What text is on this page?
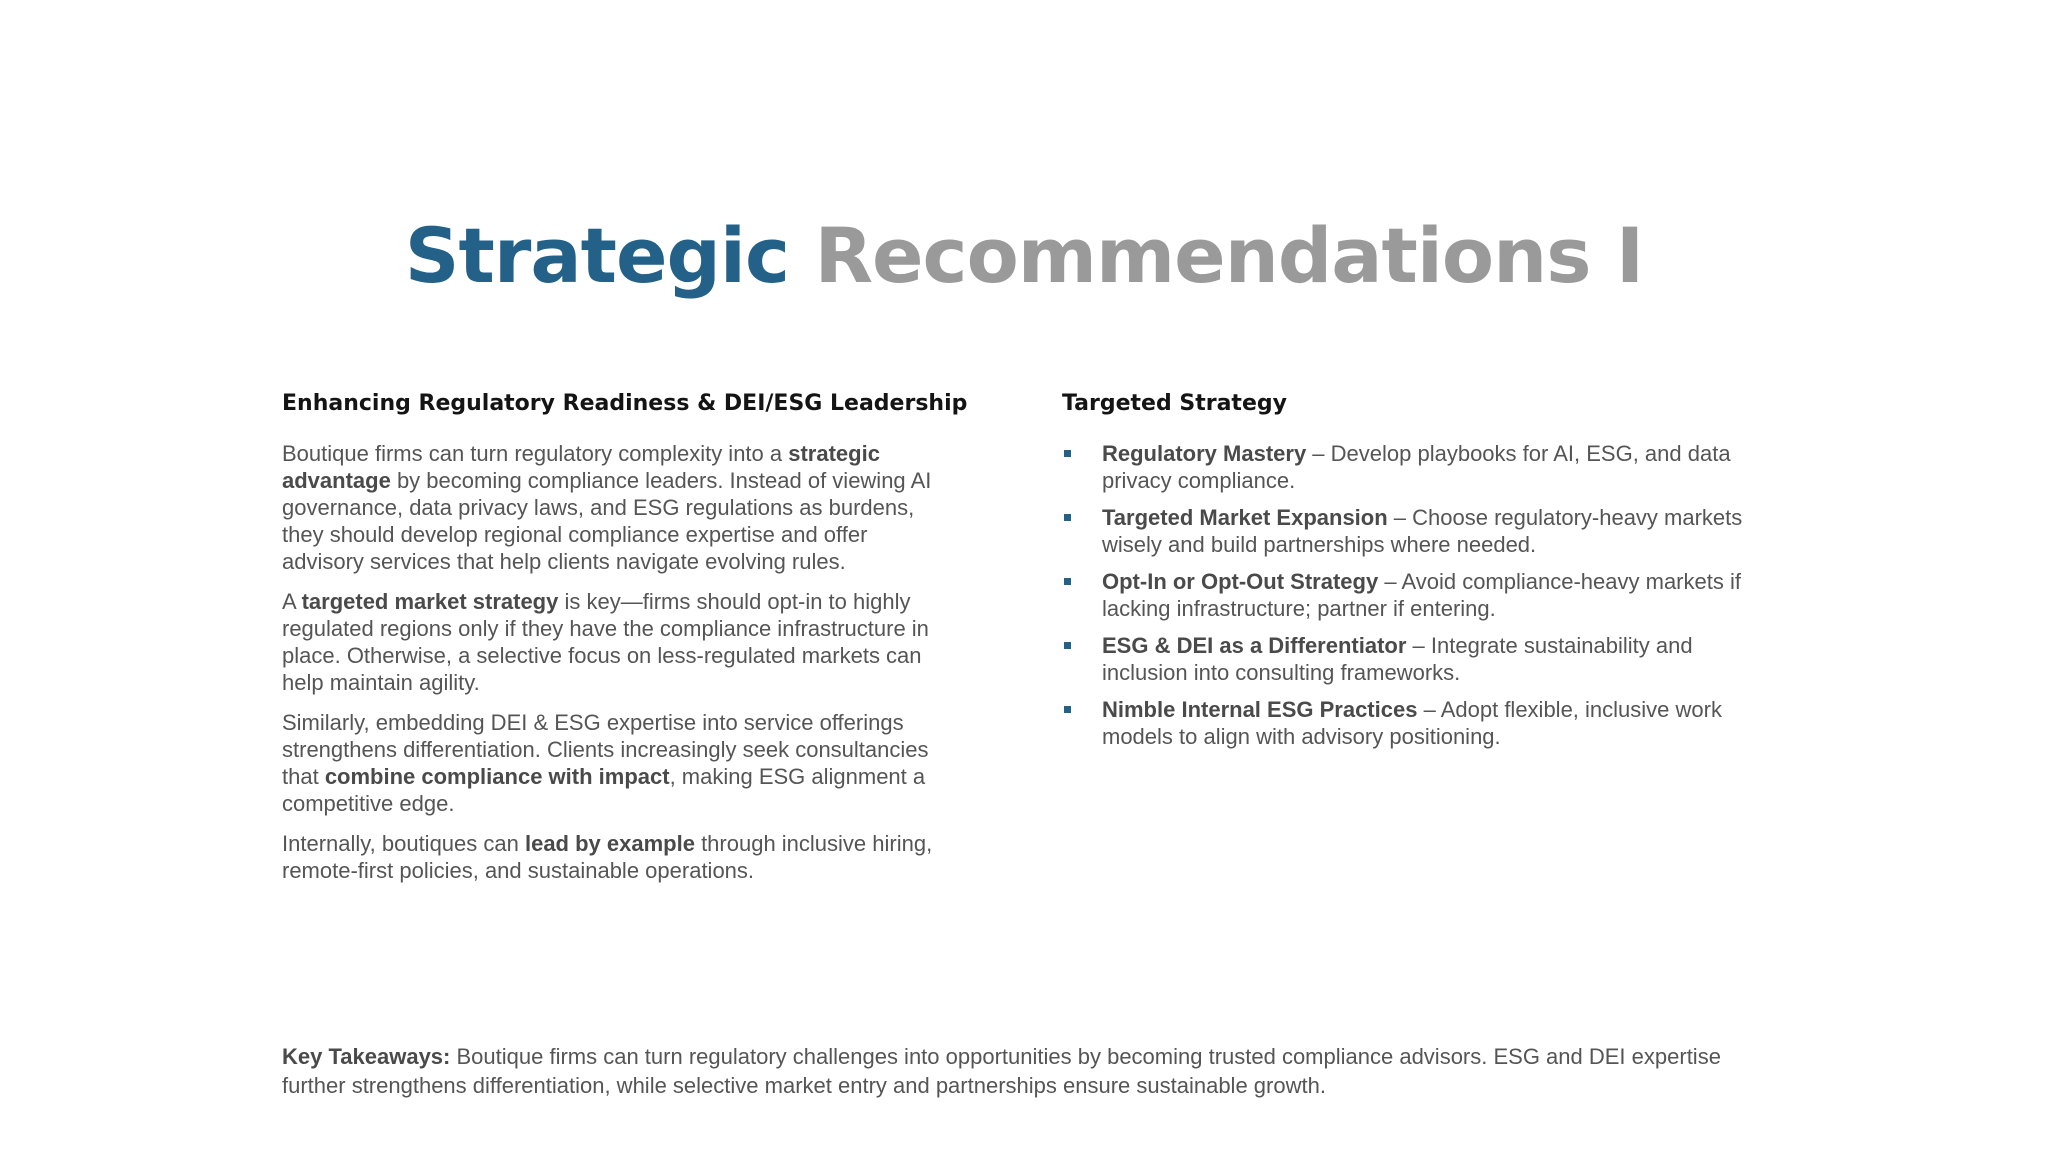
Strategic Recommendations I
Enhancing Regulatory Readiness & DEI/ESG Leadership

Boutique firms can turn regulatory complexity into a strategic advantage by becoming compliance leaders. Instead of viewing AI governance, data privacy laws, and ESG regulations as burdens, they should develop regional compliance expertise and offer advisory services that help clients navigate evolving rules.

A targeted market strategy is key—firms should opt-in to highly regulated regions only if they have the compliance infrastructure in place. Otherwise, a selective focus on less-regulated markets can help maintain agility.

Similarly, embedding DEI & ESG expertise into service offerings strengthens differentiation. Clients increasingly seek consultancies that combine compliance with impact, making ESG alignment a competitive edge.

Internally, boutiques can lead by example through inclusive hiring, remote-first policies, and sustainable operations.

Targeted Strategy
Regulatory Mastery – Develop playbooks for AI, ESG, and data privacy compliance.
Targeted Market Expansion – Choose regulatory-heavy markets wisely and build partnerships where needed.
Opt-In or Opt-Out Strategy – Avoid compliance-heavy markets if lacking infrastructure; partner if entering.
ESG & DEI as a Differentiator – Integrate sustainability and inclusion into consulting frameworks.
Nimble Internal ESG Practices – Adopt flexible, inclusive work models to align with advisory positioning.
Key Takeaways: Boutique firms can turn regulatory challenges into opportunities by becoming trusted compliance advisors. ESG and DEI expertise further strengthens differentiation, while selective market entry and partnerships ensure sustainable growth.
